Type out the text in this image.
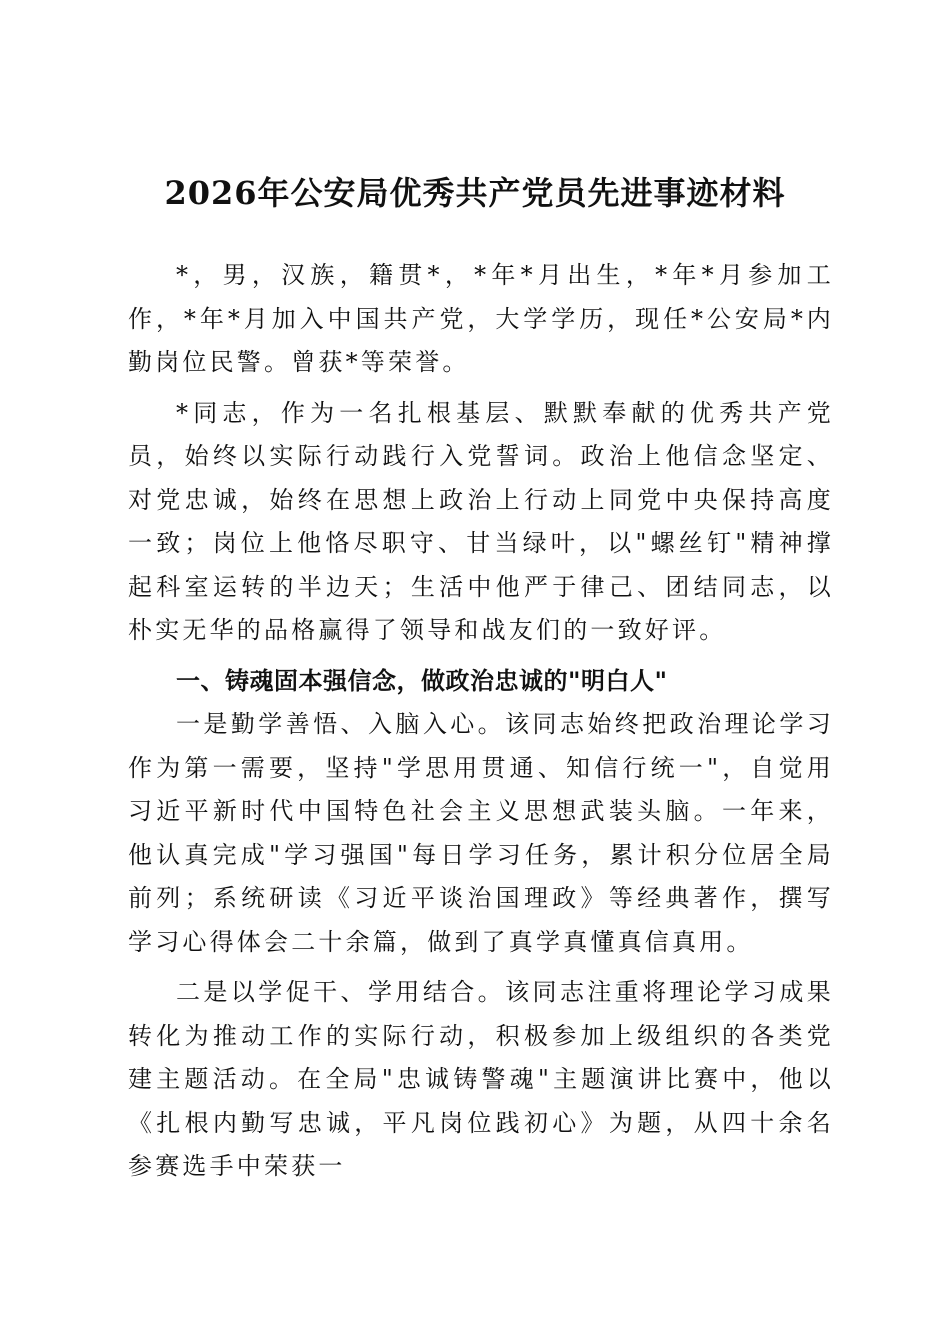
2026年公安局优秀共产党员先进事迹材料

*，男，汉族，籍贯*，*年*月出生，*年*月参加工作，*年*月加入中国共产党，大学学历，现任*公安局*内勤岗位民警。曾获*等荣誉。

*同志，作为一名扎根基层、默默奉献的优秀共产党员，始终以实际行动践行入党誓词。政治上他信念坚定、对党忠诚，始终在思想上政治上行动上同党中央保持高度一致；岗位上他恪尽职守、甘当绿叶，以"螺丝钉"精神撑起科室运转的半边天；生活中他严于律己、团结同志，以朴实无华的品格赢得了领导和战友们的一致好评。

一、铸魂固本强信念，做政治忠诚的"明白人"

一是勤学善悟、入脑入心。该同志始终把政治理论学习作为第一需要，坚持"学思用贯通、知信行统一"，自觉用习近平新时代中国特色社会主义思想武装头脑。一年来，他认真完成"学习强国"每日学习任务，累计积分位居全局前列；系统研读《习近平谈治国理政》等经典著作，撰写学习心得体会二十余篇，做到了真学真懂真信真用。

二是以学促干、学用结合。该同志注重将理论学习成果转化为推动工作的实际行动，积极参加上级组织的各类党建主题活动。在全局"忠诚铸警魂"主题演讲比赛中，他以《扎根内勤写忠诚，平凡岗位践初心》为题，从四十余名参赛选手中荣获一
